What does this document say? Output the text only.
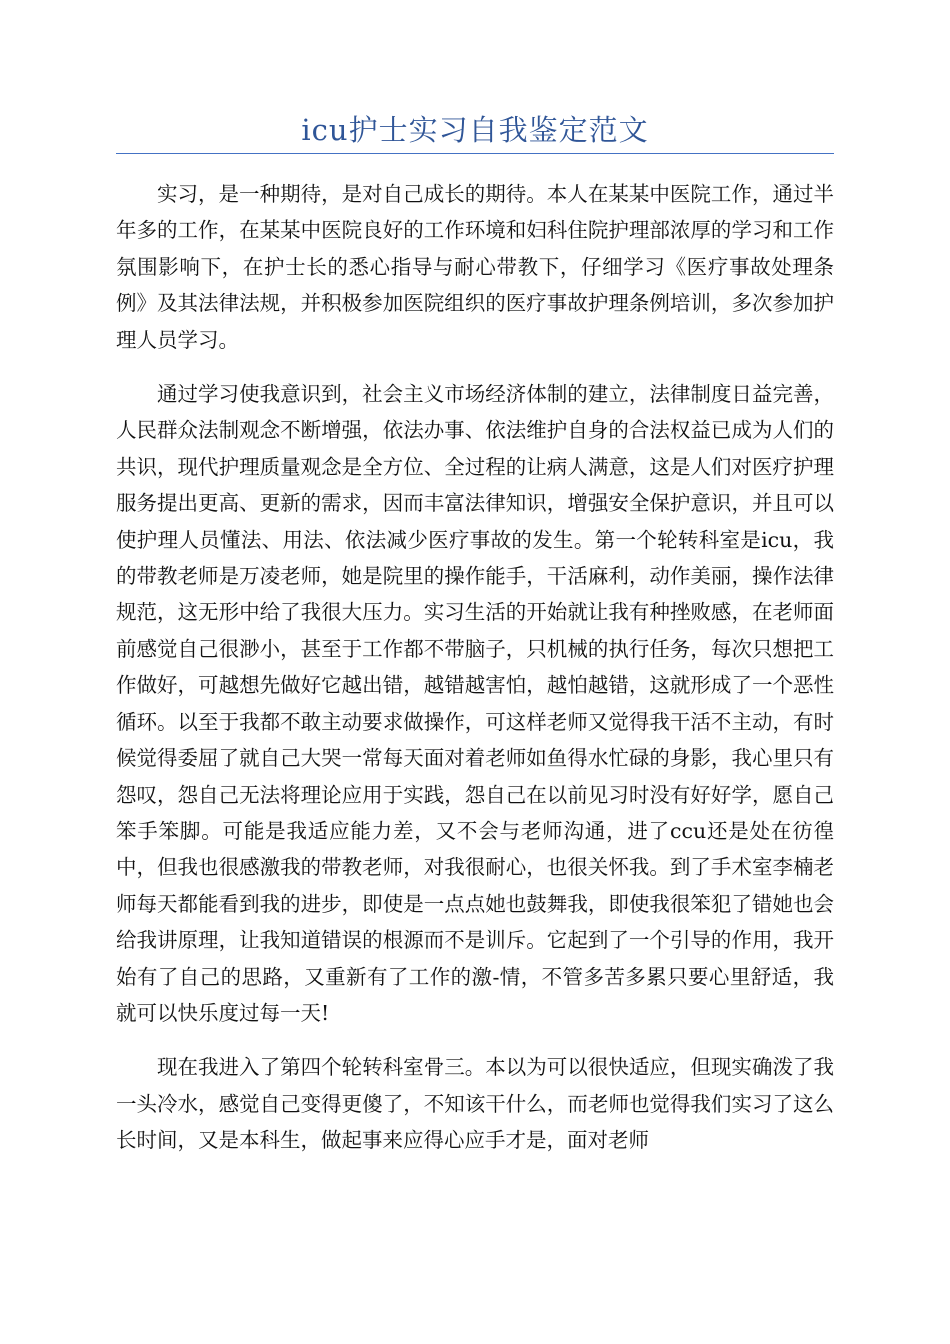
icu护士实习自我鉴定范文

实习，是一种期待，是对自己成长的期待。本人在某某中医院工作，通过半年多的工作，在某某中医院良好的工作环境和妇科住院护理部浓厚的学习和工作氛围影响下，在护士长的悉心指导与耐心带教下，仔细学习《医疗事故处理条例》及其法律法规，并积极参加医院组织的医疗事故护理条例培训，多次参加护理人员学习。

通过学习使我意识到，社会主义市场经济体制的建立，法律制度日益完善，人民群众法制观念不断增强，依法办事、依法维护自身的合法权益已成为人们的共识，现代护理质量观念是全方位、全过程的让病人满意，这是人们对医疗护理服务提出更高、更新的需求，因而丰富法律知识，增强安全保护意识，并且可以使护理人员懂法、用法、依法减少医疗事故的发生。第一个轮转科室是icu，我的带教老师是万凌老师，她是院里的操作能手，干活麻利，动作美丽，操作法律规范，这无形中给了我很大压力。实习生活的开始就让我有种挫败感，在老师面前感觉自己很渺小，甚至于工作都不带脑子，只机械的执行任务，每次只想把工作做好，可越想先做好它越出错，越错越害怕，越怕越错，这就形成了一个恶性循环。以至于我都不敢主动要求做操作，可这样老师又觉得我干活不主动，有时候觉得委屈了就自己大哭一常每天面对着老师如鱼得水忙碌的身影，我心里只有怨叹，怨自己无法将理论应用于实践，怨自己在以前见习时没有好好学，愿自己笨手笨脚。可能是我适应能力差，又不会与老师沟通，进了ccu还是处在彷徨中，但我也很感激我的带教老师，对我很耐心，也很关怀我。到了手术室李楠老师每天都能看到我的进步，即使是一点点她也鼓舞我，即使我很笨犯了错她也会给我讲原理，让我知道错误的根源而不是训斥。它起到了一个引导的作用，我开始有了自己的思路，又重新有了工作的激-情，不管多苦多累只要心里舒适，我就可以快乐度过每一天!

现在我进入了第四个轮转科室骨三。本以为可以很快适应，但现实确泼了我一头冷水，感觉自己变得更傻了，不知该干什么，而老师也觉得我们实习了这么长时间，又是本科生，做起事来应得心应手才是，面对老师
